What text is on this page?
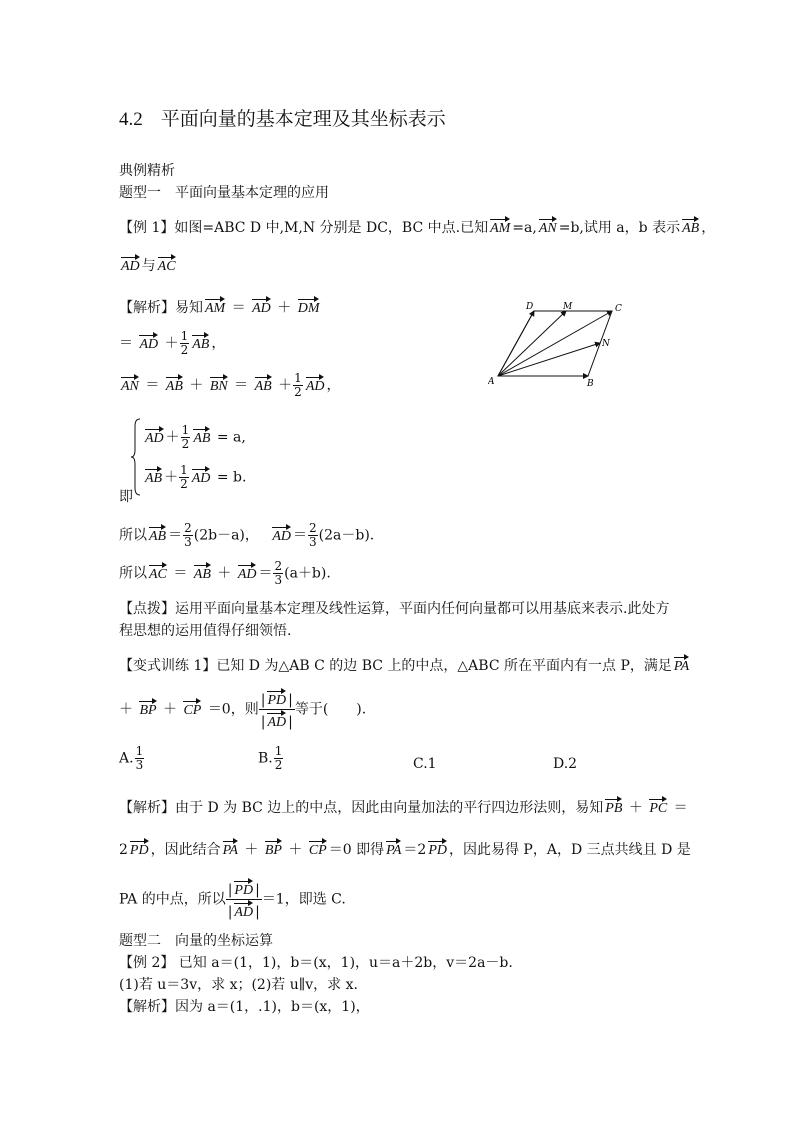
4.2 平面向量的基本定理及其坐标表示
典例精析
题型一　平面向量基本定理的应用
【例 1】如图=ABC D 中,M,N 分别是 DC，BC 中点.已知 AM =a, AN =b,试用 a，b 表示 AB ，
AD 与 AC
【解析】易知 AM ＝ AD ＋ DM
＝ AD ＋ $\frac{1}{2}$ AB ，
AN ＝ AB ＋ BN ＝ AB ＋ $\frac{1}{2}$ AD ，
AD ＋ $\frac{1}{2}$ AB = a,
AB ＋ $\frac{1}{2}$ AD = b.
即
所以 AB ＝ $\frac{2}{3} (2b-a)$，　 AD ＝ $\frac{2}{3} (2a-b)$.
所以 AC ＝ AB ＋ AD ＝ $\frac{2}{3} (a+b)$.
【点拨】运用平面向量基本定理及线性运算，平面内任何向量都可以用基底来表示.此处方
程思想的运用值得仔细领悟.
【变式训练 1】已知 D 为△AB C 的边 BC 上的中点，△ABC 所在平面内有一点 P，满足 PA
＋ BP ＋ CP ＝0，则 $\frac{| PD |}{| AD |}$ 等于(　　).
A. $\frac{1}{3}$	B. $\frac{1}{2}$	C.1	D.2
【解析】由于 D 为 BC 边上的中点，因此由向量加法的平行四边形法则，易知 PB ＋ PC ＝
2 PD ，因此结合 PA ＋ BP ＋ CP ＝0 即得 PA ＝2 PD ，因此易得 P，A，D 三点共线且 D 是
PA 的中点，所以 $\frac{| PD |}{| AD |} =1$，即选 C.
题型二　向量的坐标运算
【例 2】 已知 a＝(1，1)，b＝(x，1)，u＝a＋2b，v＝2a－b.
(1)若 u＝3v，求 x；(2)若 u∥v，求 x.
【解析】因为 a＝(1，.1)，b＝(x，1)，
A	B
C
D	M
N
